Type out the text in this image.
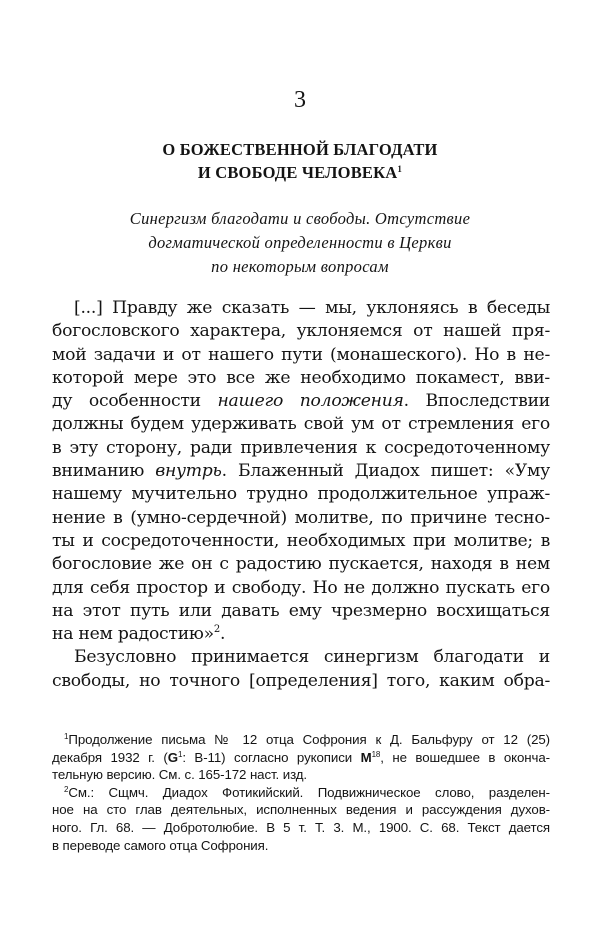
3
О БОЖЕСТВЕННОЙ БЛАГОДАТИ
И СВОБОДЕ ЧЕЛОВЕКА$^1$
Синергизм благодати и свободы. Отсутствие
догматической определенности в Церкви
по некоторым вопросам
[...] Правду же сказать — мы, уклоняясь в беседы
богословского характера, уклоняемся от нашей пря-
мой задачи и от нашего пути (монашеского). Но в не-
которой мере это все же необходимо покамест, вви-
ду особенности нашего положения. Впоследствии
должны будем удерживать свой ум от стремления его
в эту сторону, ради привлечения к сосредоточенному
вниманию внутрь. Блаженный Диадох пишет: «Уму
нашему мучительно трудно продолжительное упраж-
нение в (умно-сердечной) молитве, по причине тесно-
ты и сосредоточенности, необходимых при молитве; в
богословие же он с радостию пускается, находя в нем
для себя простор и свободу. Но не должно пускать его
на этот путь или давать ему чрезмерно восхищаться
на нем радостию»$^2$.
Безусловно принимается синергизм благодати и
свободы, но точного [определения] того, каким обра-
$^1$Продолжение письма № 12 отца Софрония к Д. Бальфуру от 12 (25)
декабря 1932 г. ($G^1$: B-11) согласно рукописи $M^{18}$, не вошедшее в оконча-
тельную версию. См. с. 165-172 наст. изд.
$^2$См.: Сщмч. Диадох Фотикийский. Подвижническое слово, разделен-
ное на сто глав деятельных, исполненных ведения и рассуждения духов-
ного. Гл. 68. — Добротолюбие. В 5 т. Т. 3. М., 1900. С. 68. Текст дается
в переводе самого отца Софрония.
